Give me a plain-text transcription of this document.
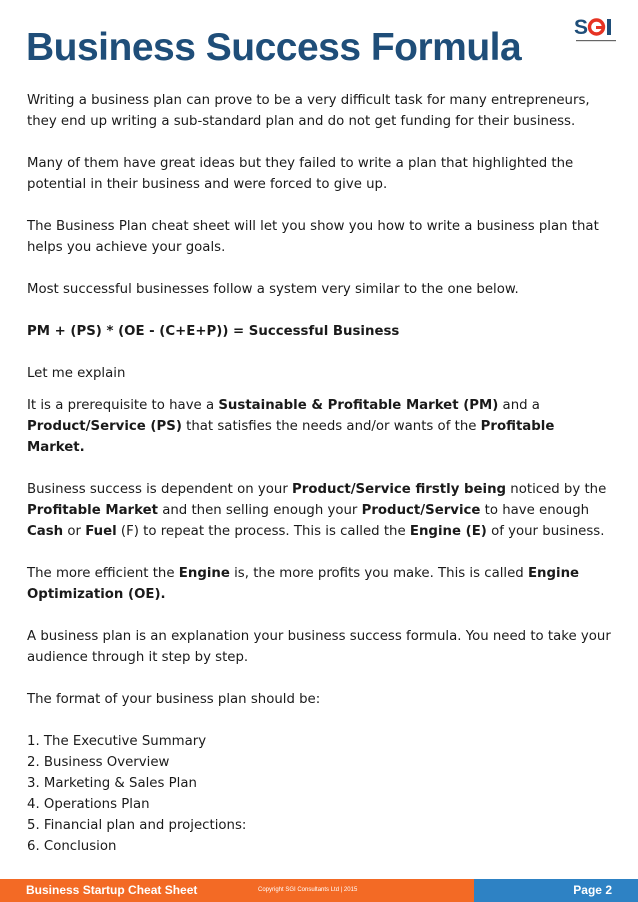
Business Success Formula	S

Writing a business plan can prove to be a very difficult task for many entrepreneurs, they end up writing a sub-standard plan and do not get funding for their business.

Many of them have great ideas but they failed to write a plan that highlighted the potential in their business and were forced to give up.

The Business Plan cheat sheet will let you show you how to write a business plan that helps you achieve your goals.

Most successful businesses follow a system very similar to the one below.

PM + (PS) * (OE - (C+E+P)) = Successful Business

Let me explain

It is a prerequisite to have a Sustainable & Profitable Market (PM) and a Product/Service (PS) that satisfies the needs and/or wants of the Profitable Market.

Business success is dependent on your Product/Service firstly being noticed by the Profitable Market and then selling enough your Product/Service to have enough Cash or Fuel (F) to repeat the process. This is called the Engine (E) of your business.

The more efficient the Engine is, the more profits you make. This is called Engine Optimization (OE).

A business plan is an explanation your business success formula. You need to take your audience through it step by step.

The format of your business plan should be:

1. The Executive Summary
2. Business Overview
3. Marketing & Sales Plan
4. Operations Plan
5. Financial plan and projections:
6. Conclusion
Business Startup Cheat Sheet	Copyright SGI Consultants Ltd | 2015	Page 2
